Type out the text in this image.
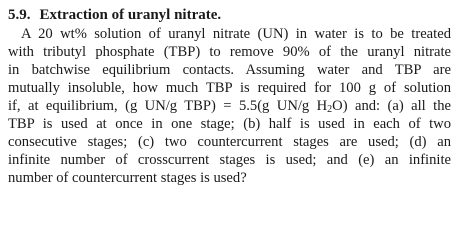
5.9. Extraction of uranyl nitrate.
A 20 wt% solution of uranyl nitrate (UN) in water is to be treated
with tributyl phosphate (TBP) to remove 90% of the uranyl nitrate
in batchwise equilibrium contacts. Assuming water and TBP are
mutually insoluble, how much TBP is required for 100 g of solution
if, at equilibrium, (g UN/g TBP) = 5.5(g UN/g $H_2O$) and: (a) all the
TBP is used at once in one stage; (b) half is used in each of two
consecutive stages; (c) two countercurrent stages are used; (d) an
infinite number of crosscurrent stages is used; and (e) an infinite
number of countercurrent stages is used?
